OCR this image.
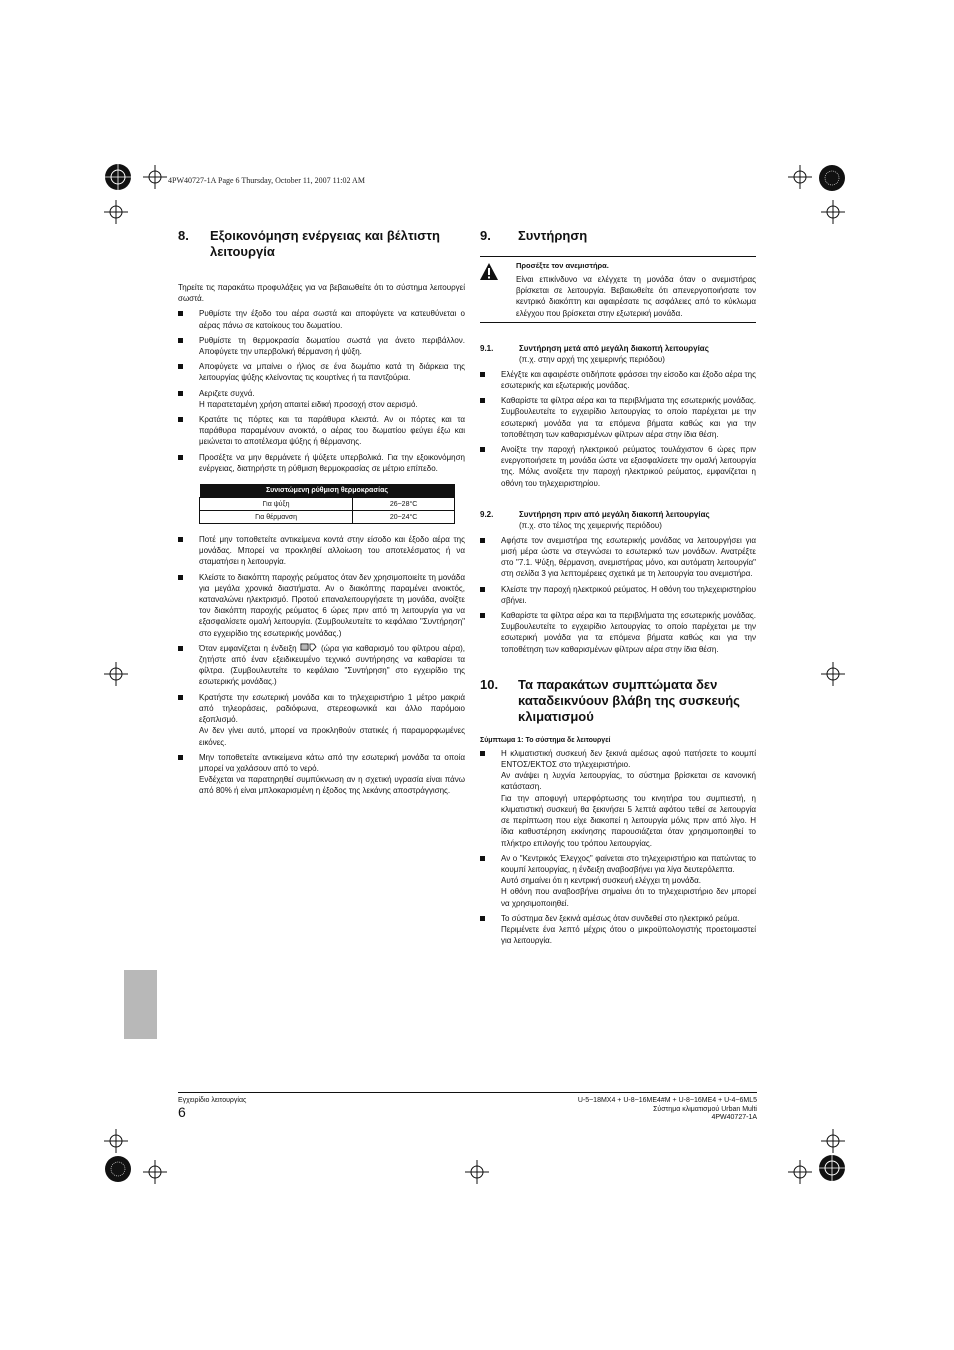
4PW40727-1A Page 6 Thursday, October 11, 2007 11:02 AM
8.	Εξοικονόμηση ενέργειας και βέλτιστη λειτουργία

Τηρείτε τις παρακάτω προφυλάξεις για να βεβαιωθείτε ότι το σύστημα λειτουργεί σωστά.

Ρυθμίστε την έξοδο του αέρα σωστά και αποφύγετε να κατευθύνεται ο αέρας πάνω σε κατοίκους του δωματίου.
Ρυθμίστε τη θερμοκρασία δωματίου σωστά για άνετο περιβάλλον. Αποφύγετε την υπερβολική θέρμανση ή ψύξη.
Αποφύγετε να μπαίνει ο ήλιος σε ένα δωμάτιο κατά τη διάρκεια της λειτουργίας ψύξης κλείνοντας τις κουρτίνες ή τα παντζούρια.
Αεριζετε συχνά.
Η παρατεταμένη χρήση απαιτεί ειδική προσοχή στον αερισμό.
Κρατάτε τις πόρτες και τα παράθυρα κλειστά. Αν οι πόρτες και τα παράθυρα παραμένουν ανοικτά, ο αέρας του δωματίου φεύγει έξω και μειώνεται το αποτέλεσμα ψύξης ή θέρμανσης.
Προσέξτε να μην θερμάνετε ή ψύξετε υπερβολικά. Για την εξοικονόμηση ενέργειας, διατηρήστε τη ρύθμιση θερμοκρασίας σε μέτριο επίπεδο.
Συνιστώμενη ρύθμιση θερμοκρασίας	
Για ψύξη	26~28°C
Για θέρμανση	20~24°C
Ποτέ μην τοποθετείτε αντικείμενα κοντά στην είσοδο και έξοδο αέρα της μονάδας. Μπορεί να προκληθεί αλλοίωση του αποτελέσματος ή να σταματήσει η λειτουργία.
Κλείστε το διακόπτη παροχής ρεύματος όταν δεν χρησιμοποιείτε τη μονάδα για μεγάλα χρονικά διαστήματα. Αν ο διακόπτης παραμένει ανοικτός, καταναλώνει ηλεκτρισμό. Προτού επαναλειτουργήσετε τη μονάδα, ανοίξτε τον διακόπτη παροχής ρεύματος 6 ώρες πριν από τη λειτουργία για να εξασφαλίσετε ομαλή λειτουργία. (Συμβουλευτείτε το κεφάλαιο "Συντήρηση" στο εγχειρίδιο της εσωτερικής μονάδας.)
Όταν εμφανίζεται η ένδειξη	(ώρα για καθαρισμό του φίλτρου αέρα), ζητήστε από έναν εξειδικευμένο τεχνικό συντήρησης να καθαρίσει τα φίλτρα. (Συμβουλευτείτε το κεφάλαιο "Συντήρηση" στο εγχειρίδιο της εσωτερικής μονάδας.)
Κρατήστε την εσωτερική μονάδα και το τηλεχειριστήριο 1 μέτρο μακριά από τηλεοράσεις, ραδιόφωνα, στερεοφωνικά και άλλο παρόμοιο εξοπλισμό.
Αν δεν γίνει αυτό, μπορεί να προκληθούν στατικές ή παραμορφωμένες εικόνες.
Μην τοποθετείτε αντικείμενα κάτω από την εσωτερική μονάδα τα οποία μπορεί να χαλάσουν από το νερό.
Ενδέχεται να παρατηρηθεί συμπύκνωση αν η σχετική υγρασία είναι πάνω από 80% ή είναι μπλοκαρισμένη η έξοδος της λεκάνης αποστράγγισης.
9.	Συντήρηση
Προσέξτε τον ανεμιστήρα.

Είναι επικίνδυνο να ελέγχετε τη μονάδα όταν ο ανεμιστήρας βρίσκεται σε λειτουργία. Βεβαιωθείτε ότι απενεργοποιήσατε τον κεντρικό διακόπτη και αφαιρέσατε τις ασφάλειες από το κύκλωμα ελέγχου που βρίσκεται στην εξωτερική μονάδα.

9.1.	Συντήρηση μετά από μεγάλη διακοπή λειτουργίας
(π.χ. στην αρχή της χειμερινής περιόδου)
Ελέγξτε και αφαιρέστε οτιδήποτε φράσσει την είσοδο και έξοδο αέρα της εσωτερικής και εξωτερικής μονάδας.
Καθαρίστε τα φίλτρα αέρα και τα περιβλήματα της εσωτερικής μονάδας. Συμβουλευτείτε το εγχειρίδιο λειτουργίας το οποίο παρέχεται με την εσωτερική μονάδα για τα επόμενα βήματα καθώς και για την τοποθέτηση των καθαρισμένων φίλτρων αέρα στην ίδια θέση.
Ανοίξτε την παροχή ηλεκτρικού ρεύματος τουλάχιστον 6 ώρες πριν ενεργοποιήσετε τη μονάδα ώστε να εξασφαλίσετε την ομαλή λειτουργία της. Μόλις ανοίξετε την παροχή ηλεκτρικού ρεύματος, εμφανίζεται η οθόνη του τηλεχειριστηρίου.
9.2.	Συντήρηση πριν από μεγάλη διακοπή λειτουργίας
(π.χ. στο τέλος της χειμερινής περιόδου)
Αφήστε τον ανεμιστήρα της εσωτερικής μονάδας να λειτουργήσει για μισή μέρα ώστε να στεγνώσει το εσωτερικό των μονάδων. Ανατρέξτε στο "7.1. Ψύξη, θέρμανση, ανεμιστήρας μόνο, και αυτόματη λειτουργία" στη σελίδα 3 για λεπτομέρειες σχετικά με τη λειτουργία του ανεμιστήρα.
Κλείστε την παροχή ηλεκτρικού ρεύματος. Η οθόνη του τηλεχειριστηρίου σβήνει.
Καθαρίστε τα φίλτρα αέρα και τα περιβλήματα της εσωτερικής μονάδας. Συμβουλευτείτε το εγχειρίδιο λειτουργίας το οποίο παρέχεται με την εσωτερική μονάδα για τα επόμενα βήματα καθώς και για την τοποθέτηση των καθαρισμένων φίλτρων αέρα στην ίδια θέση.
10.	Τα παρακάτων συμπτώματα δεν καταδεικνύουν βλάβη της συσκευής κλιματισμού
Σύμπτωμα 1: Το σύστημα δε λειτουργεί
Η κλιματιστική συσκευή δεν ξεκινά αμέσως αφού πατήσετε το κουμπί ΕΝΤΟΣ/ΕΚΤΟΣ στο τηλεχειριστήριο.
Αν ανάψει η λυχνία λειτουργίας, το σύστημα βρίσκεται σε κανονική κατάσταση.
Για την αποφυγή υπερφόρτωσης του κινητήρα του συμπιεστή, η κλιματιστική συσκευή θα ξεκινήσει 5 λεπτά αφότου τεθεί σε λειτουργία σε περίπτωση που είχε διακοπεί η λειτουργία μόλις πριν από λίγο. Η ίδια καθυστέρηση εκκίνησης παρουσιάζεται όταν χρησιμοποιηθεί το πλήκτρο επιλογής του τρόπου λειτουργίας.
Αν ο "Κεντρικός Έλεγχος" φαίνεται στο τηλεχειριστήριο και πατώντας το κουμπί λειτουργίας, η ένδειξη αναβοσβήνει για λίγα δευτερόλεπτα.
Αυτό σημαίνει ότι η κεντρική συσκευή ελέγχει τη μονάδα.
Η οθόνη που αναβοσβήνει σημαίνει ότι το τηλεχειριστήριο δεν μπορεί να χρησιμοποιηθεί.
Το σύστημα δεν ξεκινά αμέσως όταν συνδεθεί στο ηλεκτρικό ρεύμα.
Περιμένετε ένα λεπτό μέχρις ότου ο μικροϋπολογιστής προετοιμαστεί για λειτουργία.
Εγχειρίδιο λειτουργίας
6
U-5~18MX4 + U-8~16ME4#M + U-8~16ME4 + U-4~6ML5
Σύστημα κλιματισμού Urban Multi
4PW40727-1A
